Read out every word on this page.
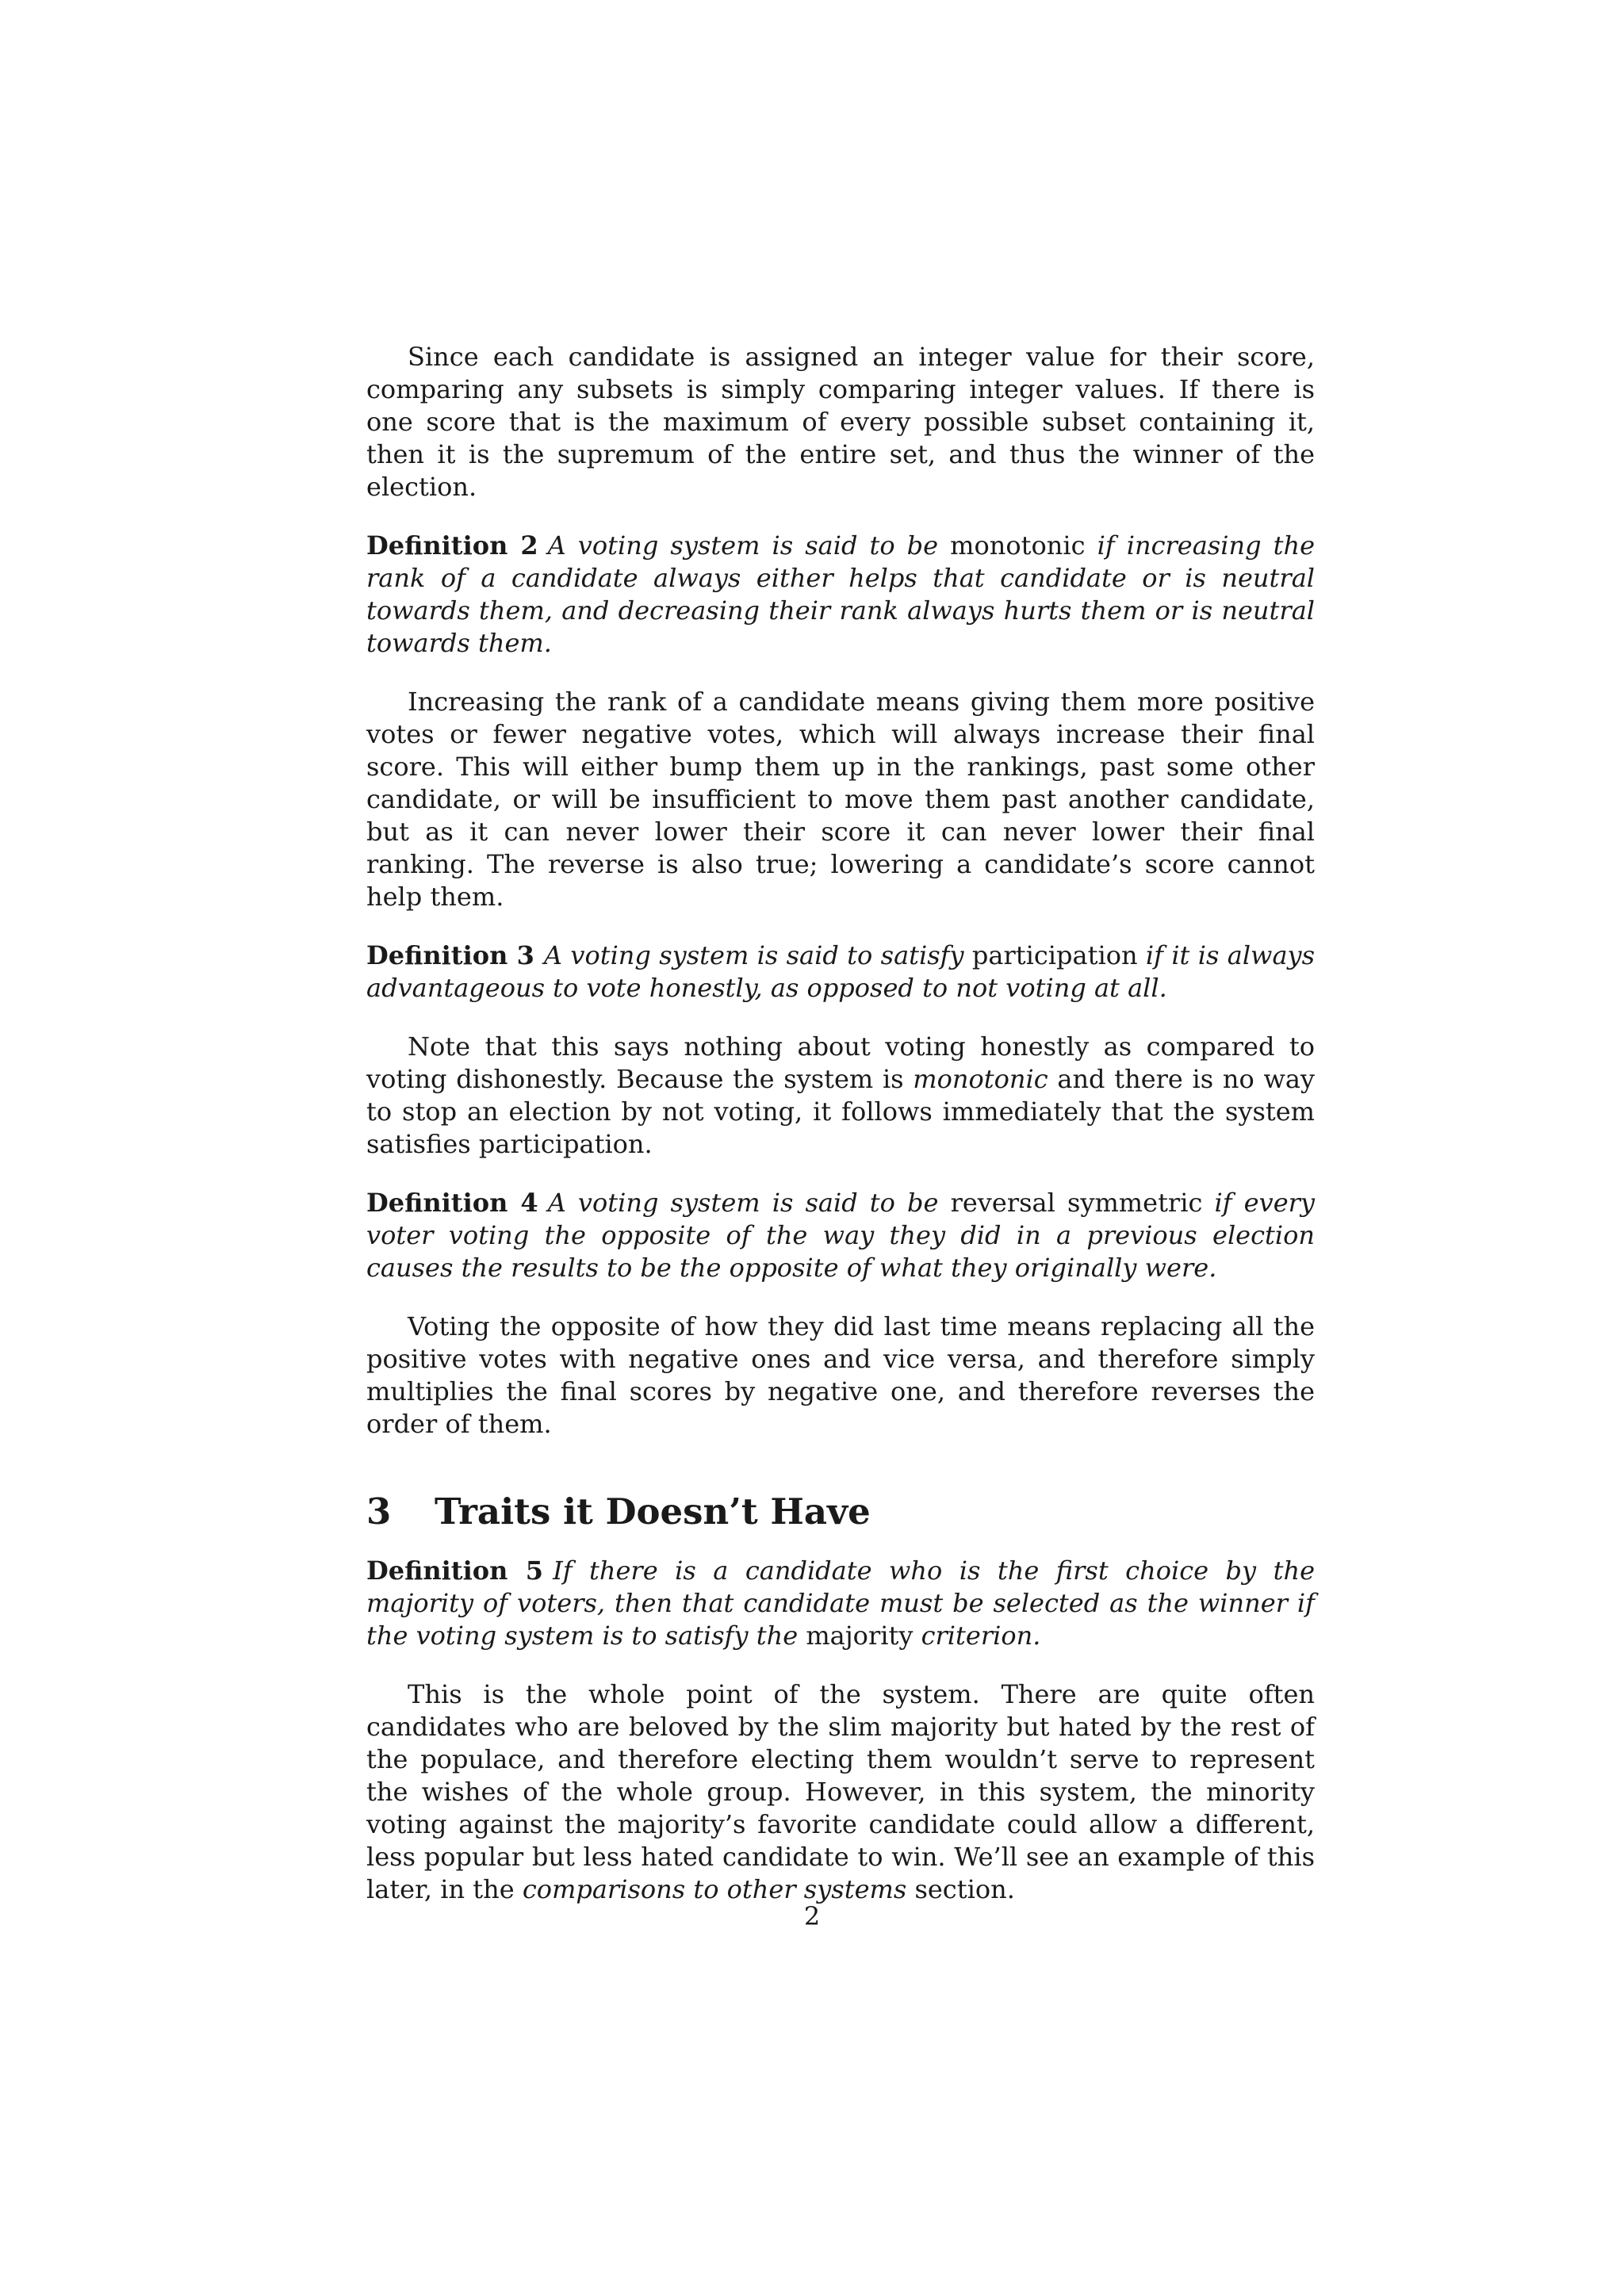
Since each candidate is assigned an integer value for their score, comparing any subsets is simply comparing integer values. If there is one score that is the maximum of every possible subset containing it, then it is the supremum of the entire set, and thus the winner of the election.

Definition 2 A voting system is said to be monotonic if increasing the rank of a candidate always either helps that candidate or is neutral towards them, and decreasing their rank always hurts them or is neutral towards them.

Increasing the rank of a candidate means giving them more positive votes or fewer negative votes, which will always increase their final score. This will either bump them up in the rankings, past some other candidate, or will be insufficient to move them past another candidate, but as it can never lower their score it can never lower their final ranking. The reverse is also true; lowering a candidate’s score cannot help them.

Definition 3 A voting system is said to satisfy participation if it is always advantageous to vote honestly, as opposed to not voting at all.

Note that this says nothing about voting honestly as compared to voting dishonestly. Because the system is monotonic and there is no way to stop an election by not voting, it follows immediately that the system satisfies participation.

Definition 4 A voting system is said to be reversal symmetric if every voter voting the opposite of the way they did in a previous election causes the results to be the opposite of what they originally were.

Voting the opposite of how they did last time means replacing all the positive votes with negative ones and vice versa, and therefore simply multiplies the final scores by negative one, and therefore reverses the order of them.

3 Traits it Doesn’t Have

Definition 5 If there is a candidate who is the first choice by the majority of voters, then that candidate must be selected as the winner if the voting system is to satisfy the majority criterion.

This is the whole point of the system. There are quite often candidates who are beloved by the slim majority but hated by the rest of the populace, and therefore electing them wouldn’t serve to represent the wishes of the whole group. However, in this system, the minority voting against the majority’s favorite candidate could allow a different, less popular but less hated candidate to win. We’ll see an example of this later, in the comparisons to other systems section.

2
